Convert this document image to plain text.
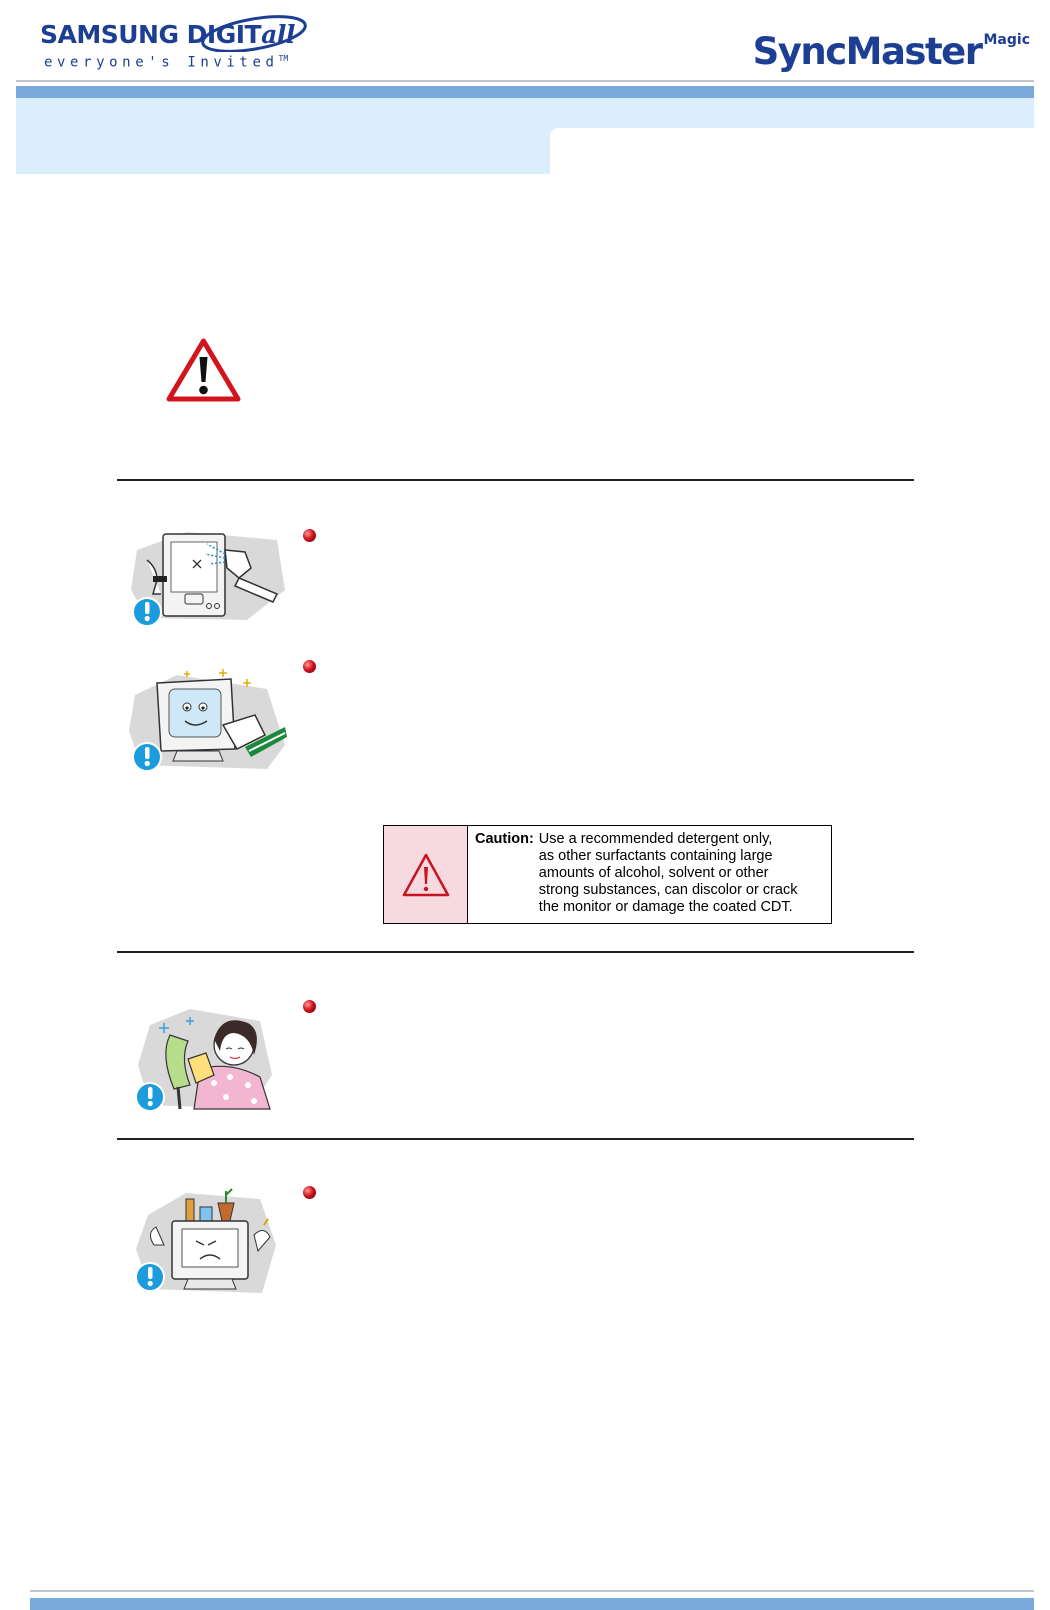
SAMSUNG DIGITall
everyone's Invited™	SyncMaster Magic
Caution: Use a recommended detergent only,
as other surfactants containing large
amounts of alcohol, solvent or other
strong substances, can discolor or crack
the monitor or damage the coated CDT.
